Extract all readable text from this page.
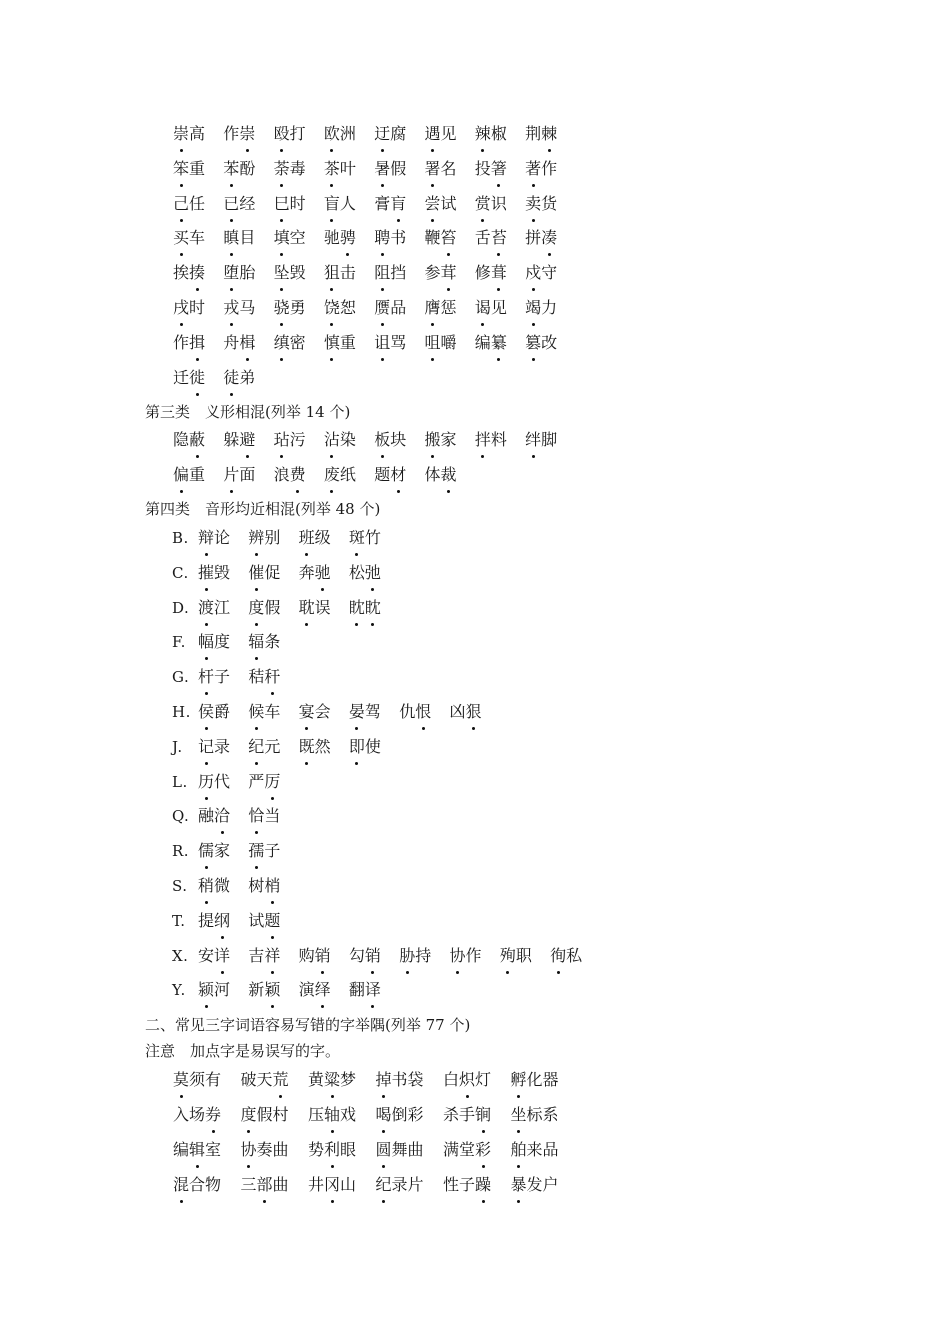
崇高 作崇 殴打 欧洲 迂腐 遇见 辣椒 荆棘
笨重 苯酚 荼毒 茶叶 暑假 署名 投箸 著作
己任 已经 巳时 盲人 膏肓 尝试 赏识 卖货
买车 瞋目 填空 驰骋 聘书 鞭笞 舌苔 拼凑
挨揍 堕胎 坠毁 狙击 阻挡 参茸 修葺 戍守
戌时 戎马 骁勇 饶恕 赝品 膺惩 谒见 竭力
作揖 舟楫 缜密 慎重 诅骂 咀嚼 编纂 篡改
迁徙 徒弟
第三类　义形相混(列举 14 个)
隐蔽 躲避 玷污 沾染 板块 搬家 拌料 绊脚
偏重 片面 浪费 废纸 题材 体裁
第四类　音形均近相混(列举 48 个)
B. 辩论 辨别 班级 斑竹
C. 摧毁 催促 奔驰 松弛
D. 渡江 度假 耽误 眈眈
F. 幅度 辐条
G. 杆子 秸秆
H. 侯爵 候车 宴会 晏驾 仇恨 凶狠
J. 记录 纪元 既然 即使
L. 历代 严厉
Q. 融洽 恰当
R. 儒家 孺子
S. 稍微 树梢
T. 提纲 试题
X. 安详 吉祥 购销 勾销 胁持 协作 殉职 徇私
Y. 颍河 新颖 演绎 翻译
二、常见三字词语容易写错的字举隅(列举 77 个)
注意　加点字是易误写的字。
莫须有 破天荒 黄粱梦 掉书袋 白炽灯 孵化器
入场券 度假村 压轴戏 喝倒彩 杀手锏 坐标系
编辑室 协奏曲 势利眼 圆舞曲 满堂彩 舶来品
混合物 三部曲 井冈山 纪录片 性子躁 暴发户
